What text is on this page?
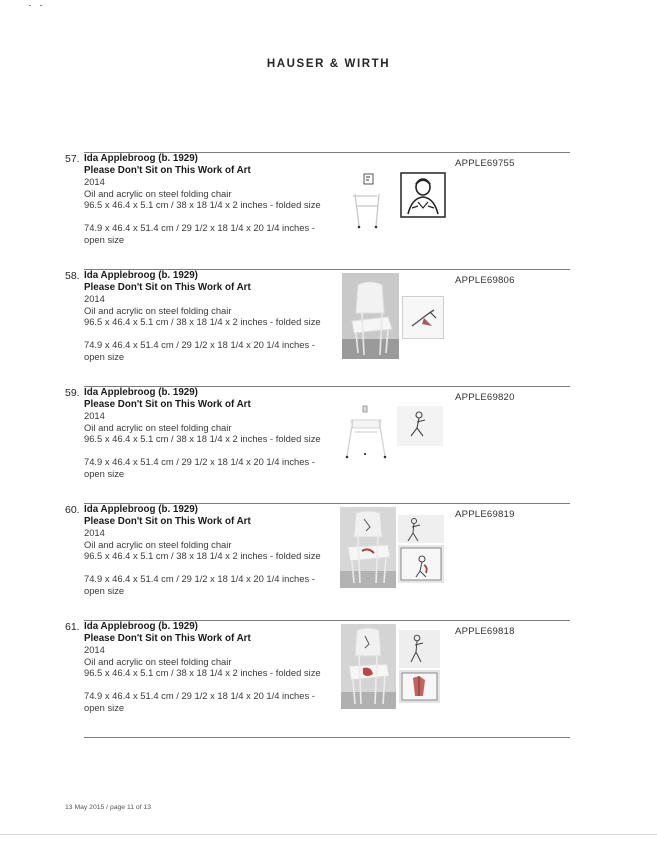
HAUSER & WIRTH
57. Ida Applebroog (b. 1929)
Please Don't Sit on This Work of Art
2014
Oil and acrylic on steel folding chair
96.5 x 46.4 x 5.1 cm / 38 x 18 1/4 x 2 inches - folded size
74.9 x 46.4 x 51.4 cm / 29 1/2 x 18 1/4 x 20 1/4 inches -
open size
APPLE69755
58. Ida Applebroog (b. 1929)
Please Don't Sit on This Work of Art
2014
Oil and acrylic on steel folding chair
96.5 x 46.4 x 5.1 cm / 38 x 18 1/4 x 2 inches - folded size
74.9 x 46.4 x 51.4 cm / 29 1/2 x 18 1/4 x 20 1/4 inches -
open size
APPLE69806
59. Ida Applebroog (b. 1929)
Please Don't Sit on This Work of Art
2014
Oil and acrylic on steel folding chair
96.5 x 46.4 x 5.1 cm / 38 x 18 1/4 x 2 inches - folded size
74.9 x 46.4 x 51.4 cm / 29 1/2 x 18 1/4 x 20 1/4 inches -
open size
APPLE69820
60. Ida Applebroog (b. 1929)
Please Don't Sit on This Work of Art
2014
Oil and acrylic on steel folding chair
96.5 x 46.4 x 5.1 cm / 38 x 18 1/4 x 2 inches - folded size
74.9 x 46.4 x 51.4 cm / 29 1/2 x 18 1/4 x 20 1/4 inches -
open size
APPLE69819
61. Ida Applebroog (b. 1929)
Please Don't Sit on This Work of Art
2014
Oil and acrylic on steel folding chair
96.5 x 46.4 x 5.1 cm / 38 x 18 1/4 x 2 inches - folded size
74.9 x 46.4 x 51.4 cm / 29 1/2 x 18 1/4 x 20 1/4 inches -
open size
APPLE69818
13 May 2015 / page 11 of 13
